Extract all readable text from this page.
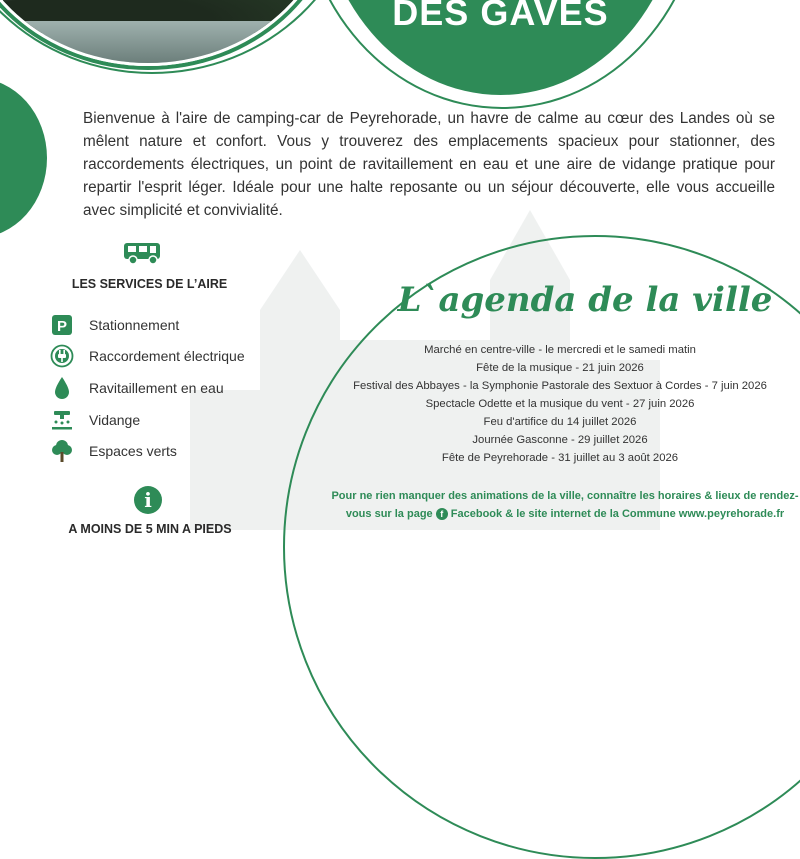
DES GAVES

Bienvenue à l'aire de camping-car de Peyrehorade, un havre de calme au cœur des Landes où se mêlent nature et confort. Vous y trouverez des emplacements spacieux pour stationner, des raccordements électriques, un point de ravitaillement en eau et une aire de vidange pratique pour repartir l'esprit léger. Idéale pour une halte reposante ou un séjour découverte, elle vous accueille avec simplicité et convivialité.

LES SERVICES DE L’AIRE
P Stationnement
Raccordement électrique
Ravitaillement en eau
Vidange
Espaces verts
i
A MOINS DE 5 MIN A PIEDS
L`agenda de la ville
Marché en centre-ville - le mercredi et le samedi matin
Fête de la musique - 21 juin 2026
Festival des Abbayes - la Symphonie Pastorale des Sextuor à Cordes - 7 juin 2026
Spectacle Odette et la musique du vent - 27 juin 2026
Feu d'artifice du 14 juillet 2026
Journée Gasconne - 29 juillet 2026
Fête de Peyrehorade - 31 juillet au 3 août 2026
Pour ne rien manquer des animations de la ville, connaître les horaires & lieux de rendez-vous sur la page f Facebook & le site internet de la Commune www.peyrehorade.fr
